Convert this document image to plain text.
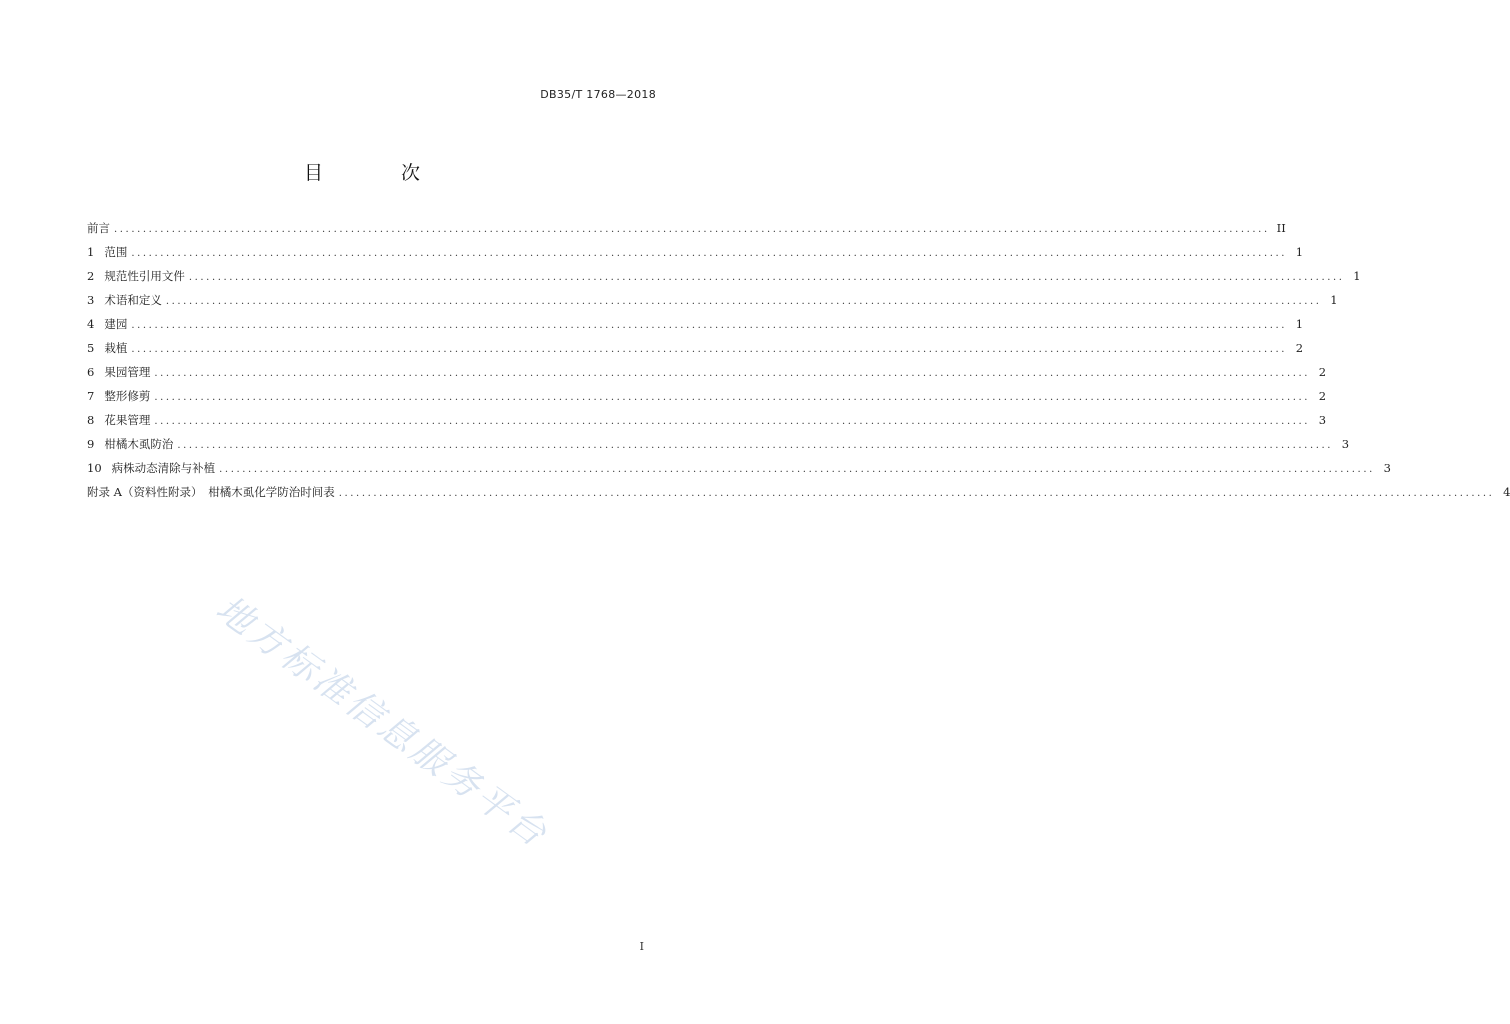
DB35/T 1768—2018
目 次
前言 ........................................................................................................................................................................................................ II
1 范围 ........................................................................................................................................................................................................ 1
2 规范性引用文件 ........................................................................................................................................................................................................ 1
3 术语和定义 ........................................................................................................................................................................................................ 1
4 建园 ........................................................................................................................................................................................................ 1
5 栽植 ........................................................................................................................................................................................................ 2
6 果园管理 ........................................................................................................................................................................................................ 2
7 整形修剪 ........................................................................................................................................................................................................ 2
8 花果管理 ........................................................................................................................................................................................................ 3
9 柑橘木虱防治 ........................................................................................................................................................................................................ 3
10 病株动态清除与补植 ........................................................................................................................................................................................................ 3
附录 A（资料性附录）　柑橘木虱化学防治时间表 ........................................................................................................................................................................................................ 4
地方标准信息服务平台
I
